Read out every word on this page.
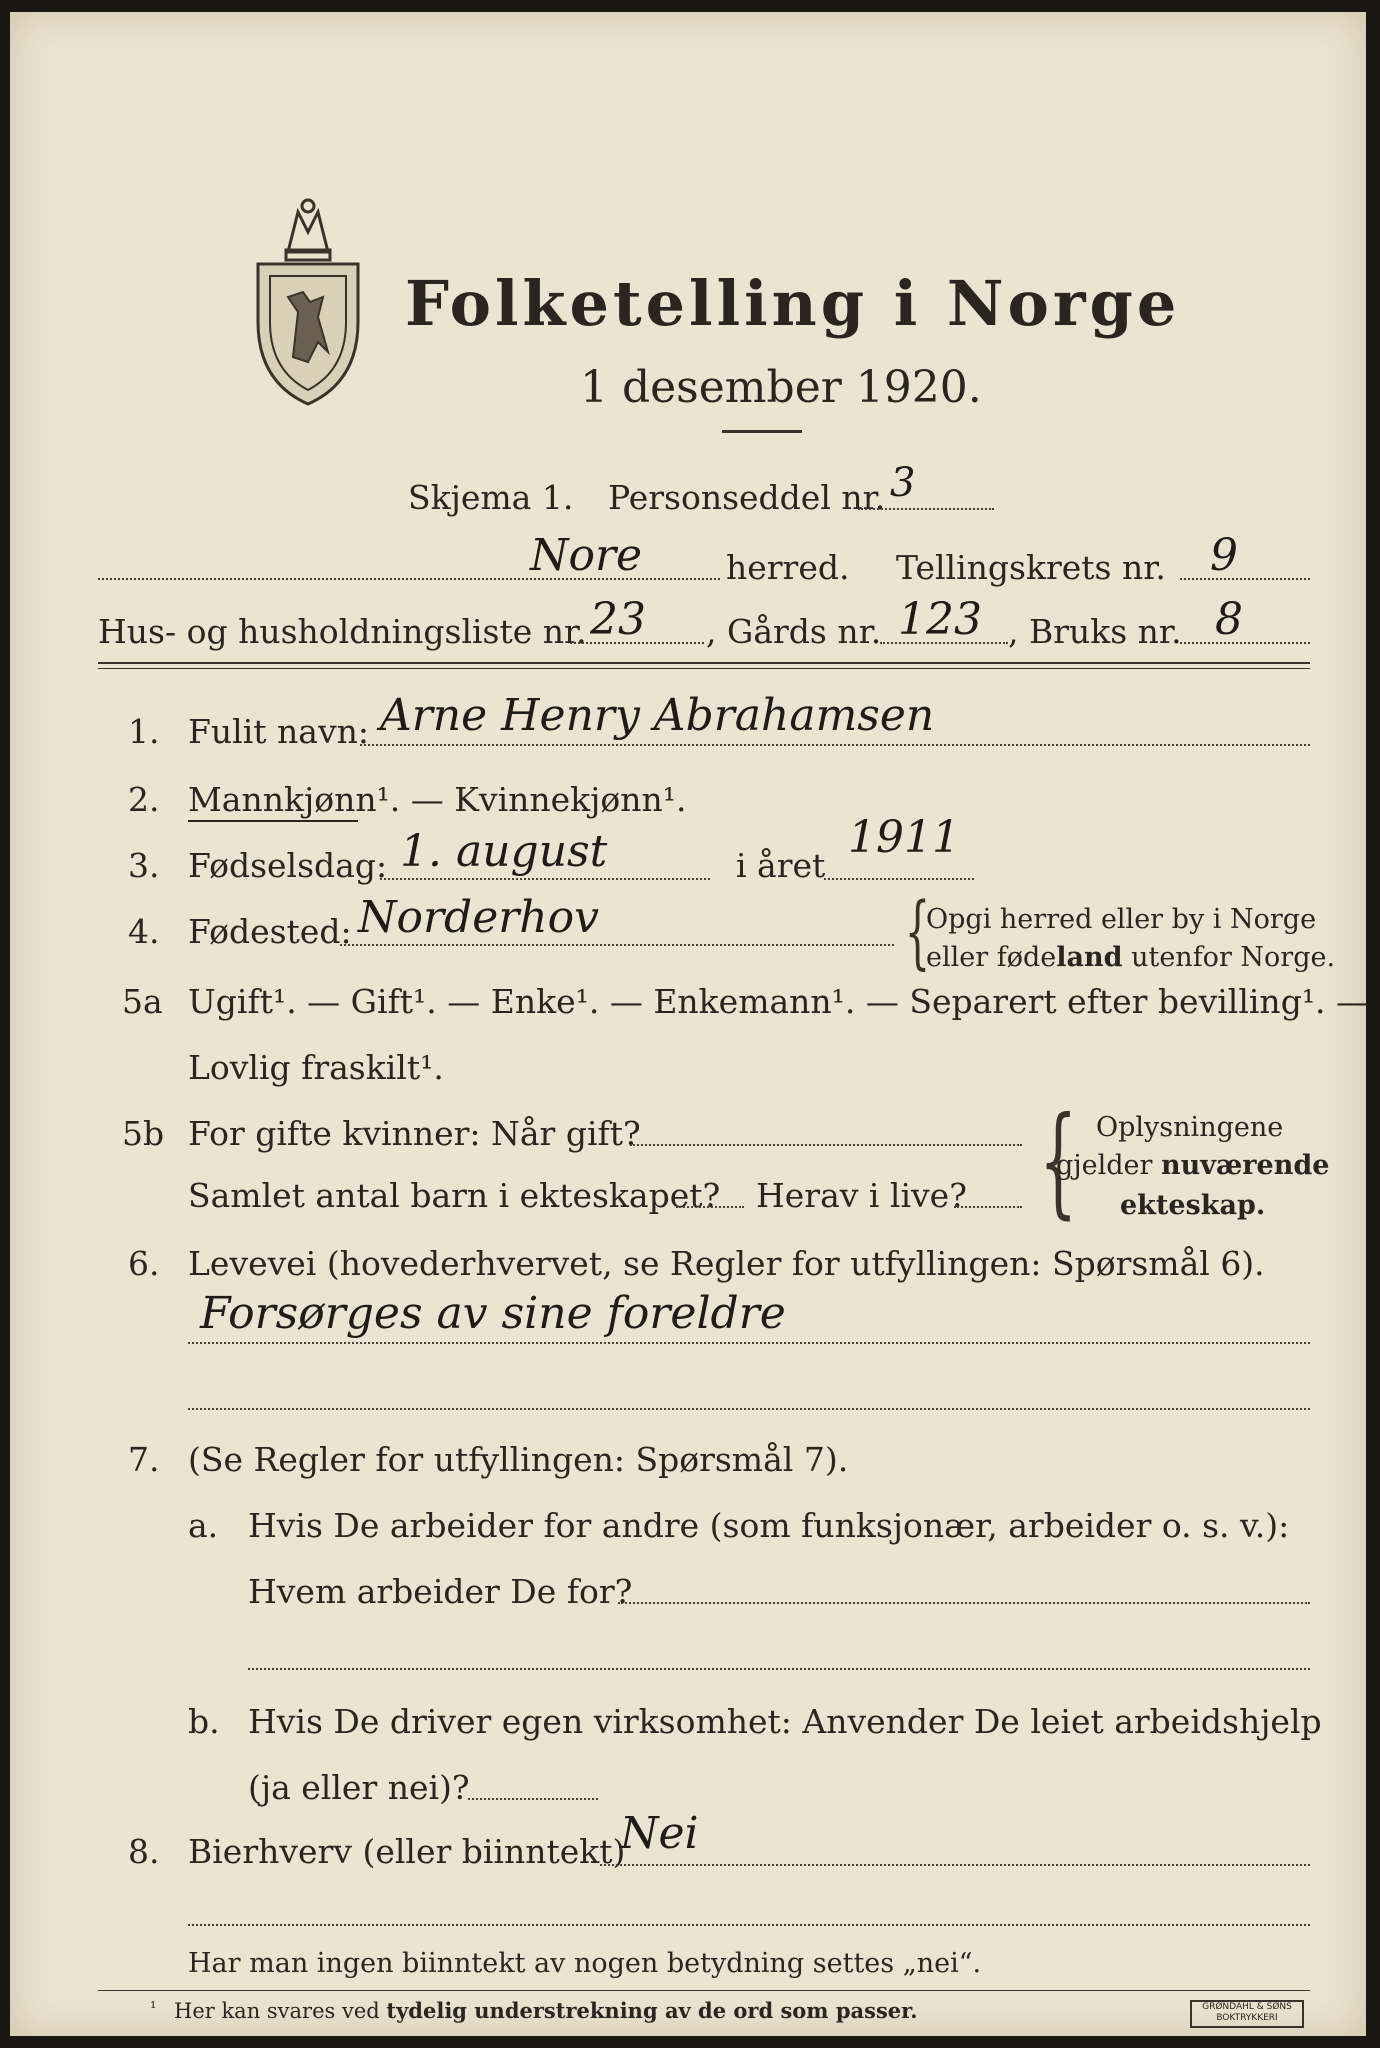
Folketelling i Norge
1 desember 1920.
Skjema 1. Personseddel nr. 3
Nore	herred. Tellingskrets nr. 9
Hus- og husholdningsliste nr. 23 , Gårds nr. 123 , Bruks nr. 8
1. Fulit navn: Arne Henry Abrahamsen
2. Mannkjønn¹. — Kvinnekjønn¹.
3. Fødselsdag: 1. august	i året
1911
4. Fødested: Norderhov	{
Opgi herred eller by i Norge
eller fødeland utenfor Norge.
5a Ugift¹. — Gift¹. — Enke¹. — Enkemann¹. — Separert efter bevilling¹. —
Lovlig fraskilt¹.
5b For gifte kvinner: Når gift?
Samlet antal barn i ekteskapet? Herav i live? { Oplysningene
gjelder nuværende
ekteskap.
6. Levevei (hovederhvervet, se Regler for utfyllingen: Spørsmål 6).
Forsørges av sine foreldre
7. (Se Regler for utfyllingen: Spørsmål 7).
a. Hvis De arbeider for andre (som funksjonær, arbeider o. s. v.):
Hvem arbeider De for?
b. Hvis De driver egen virksomhet: Anvender De leiet arbeidshjelp
(ja eller nei)?
8. Bierhverv (eller biinntekt)
Nei
Har man ingen biinntekt av nogen betydning settes „nei“.
¹ Her kan svares ved tydelig understrekning av de ord som passer.	GRØNDAHL & SØNS
BOKTRYKKERI
